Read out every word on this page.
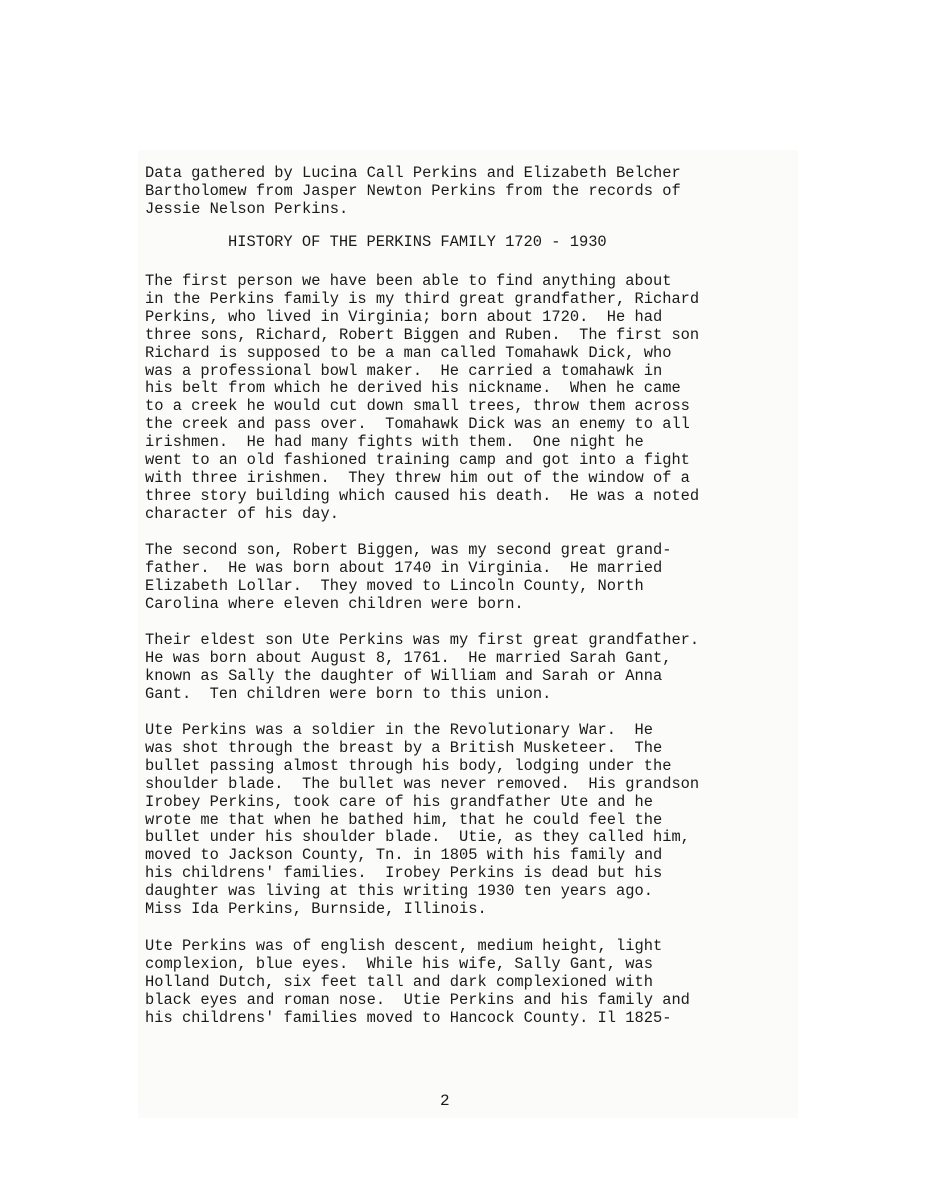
Data gathered by Lucina Call Perkins and Elizabeth Belcher
Bartholomew from Jasper Newton Perkins from the records of
Jessie Nelson Perkins.

HISTORY OF THE PERKINS FAMILY 1720 - 1930

The first person we have been able to find anything about
in the Perkins family is my third great grandfather, Richard
Perkins, who lived in Virginia; born about 1720.  He had
three sons, Richard, Robert Biggen and Ruben.  The first son
Richard is supposed to be a man called Tomahawk Dick, who
was a professional bowl maker.  He carried a tomahawk in
his belt from which he derived his nickname.  When he came
to a creek he would cut down small trees, throw them across
the creek and pass over.  Tomahawk Dick was an enemy to all
irishmen.  He had many fights with them.  One night he
went to an old fashioned training camp and got into a fight
with three irishmen.  They threw him out of the window of a
three story building which caused his death.  He was a noted
character of his day.

The second son, Robert Biggen, was my second great grand-
father.  He was born about 1740 in Virginia.  He married
Elizabeth Lollar.  They moved to Lincoln County, North
Carolina where eleven children were born.

Their eldest son Ute Perkins was my first great grandfather.
He was born about August 8, 1761.  He married Sarah Gant,
known as Sally the daughter of William and Sarah or Anna
Gant.  Ten children were born to this union.

Ute Perkins was a soldier in the Revolutionary War.  He
was shot through the breast by a British Musketeer.  The
bullet passing almost through his body, lodging under the
shoulder blade.  The bullet was never removed.  His grandson
Irobey Perkins, took care of his grandfather Ute and he
wrote me that when he bathed him, that he could feel the
bullet under his shoulder blade.  Utie, as they called him,
moved to Jackson County, Tn. in 1805 with his family and
his childrens' families.  Irobey Perkins is dead but his
daughter was living at this writing 1930 ten years ago.
Miss Ida Perkins, Burnside, Illinois.

Ute Perkins was of english descent, medium height, light
complexion, blue eyes.  While his wife, Sally Gant, was
Holland Dutch, six feet tall and dark complexioned with
black eyes and roman nose.  Utie Perkins and his family and
his childrens' families moved to Hancock County. Il 1825-

2
